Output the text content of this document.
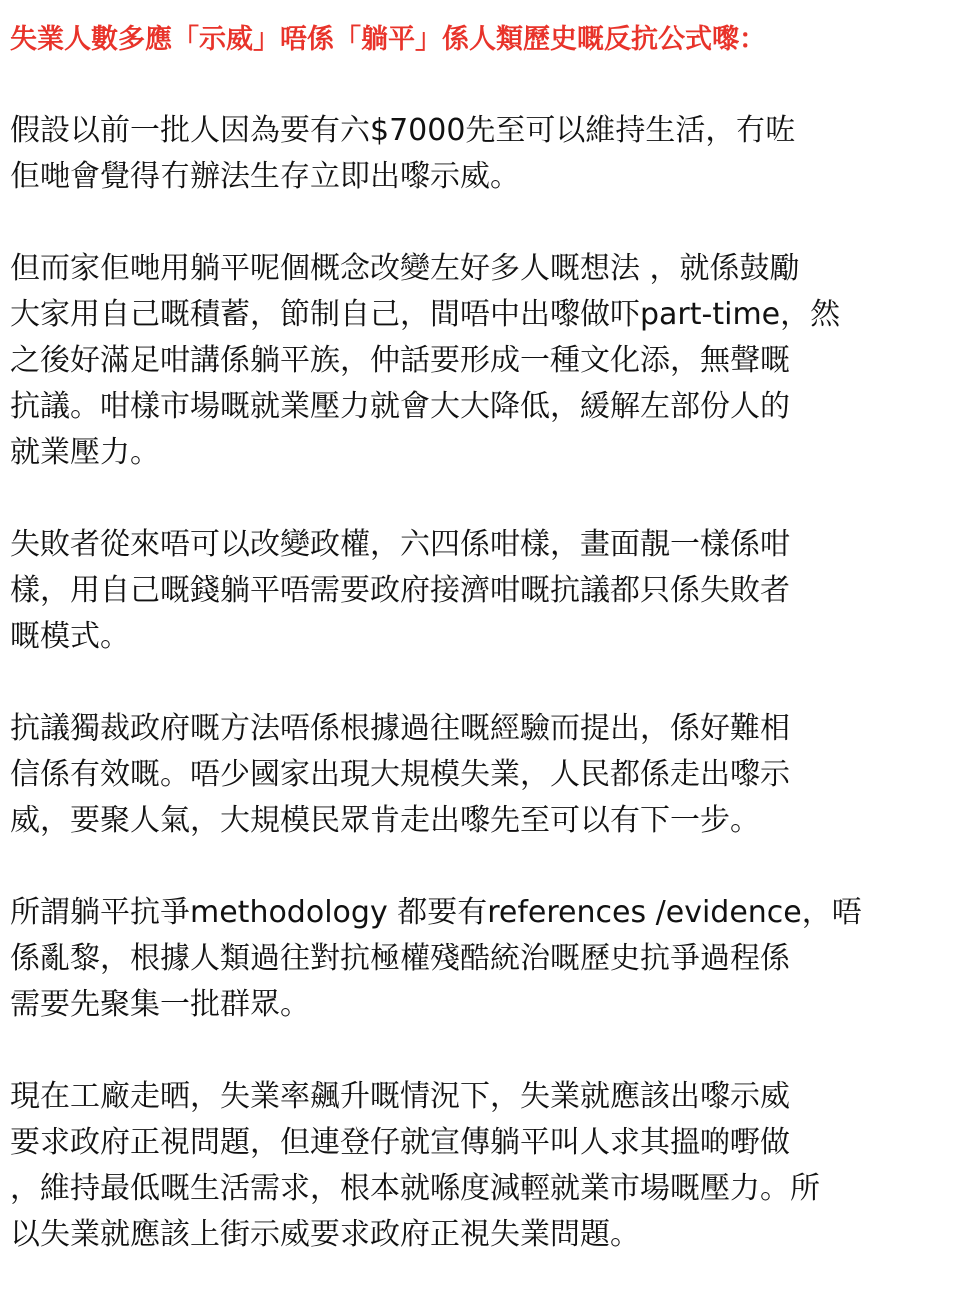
失業人數多應「示威」唔係「躺平」係人類歷史嘅反抗公式嚟：

假設以前一批人因為要有六$7000先至可以維持生活，冇咗
佢哋會覺得冇辦法生存立即出嚟示威。

但而家佢哋用躺平呢個概念改變左好多人嘅想法 ，就係鼓勵
大家用自己嘅積蓄，節制自己，間唔中出嚟做吓part-time，然
之後好滿足咁講係躺平族，仲話要形成一種文化添，無聲嘅
抗議。咁樣市場嘅就業壓力就會大大降低，緩解左部份人的
就業壓力。

失敗者從來唔可以改變政權，六四係咁樣，畫面靚一樣係咁
樣，用自己嘅錢躺平唔需要政府接濟咁嘅抗議都只係失敗者
嘅模式。

抗議獨裁政府嘅方法唔係根據過往嘅經驗而提出，係好難相
信係有效嘅。唔少國家出現大規模失業，人民都係走出嚟示
威，要聚人氣，大規模民眾肯走出嚟先至可以有下一步。

所謂躺平抗爭methodology 都要有references /evidence，唔
係亂黎，根據人類過往對抗極權殘酷統治嘅歷史抗爭過程係
需要先聚集一批群眾。

現在工廠走晒，失業率飆升嘅情況下，失業就應該出嚟示威
要求政府正視問題，但連登仔就宣傳躺平叫人求其搵啲嘢做
，維持最低嘅生活需求，根本就喺度減輕就業市場嘅壓力。所
以失業就應該上街示威要求政府正視失業問題。
